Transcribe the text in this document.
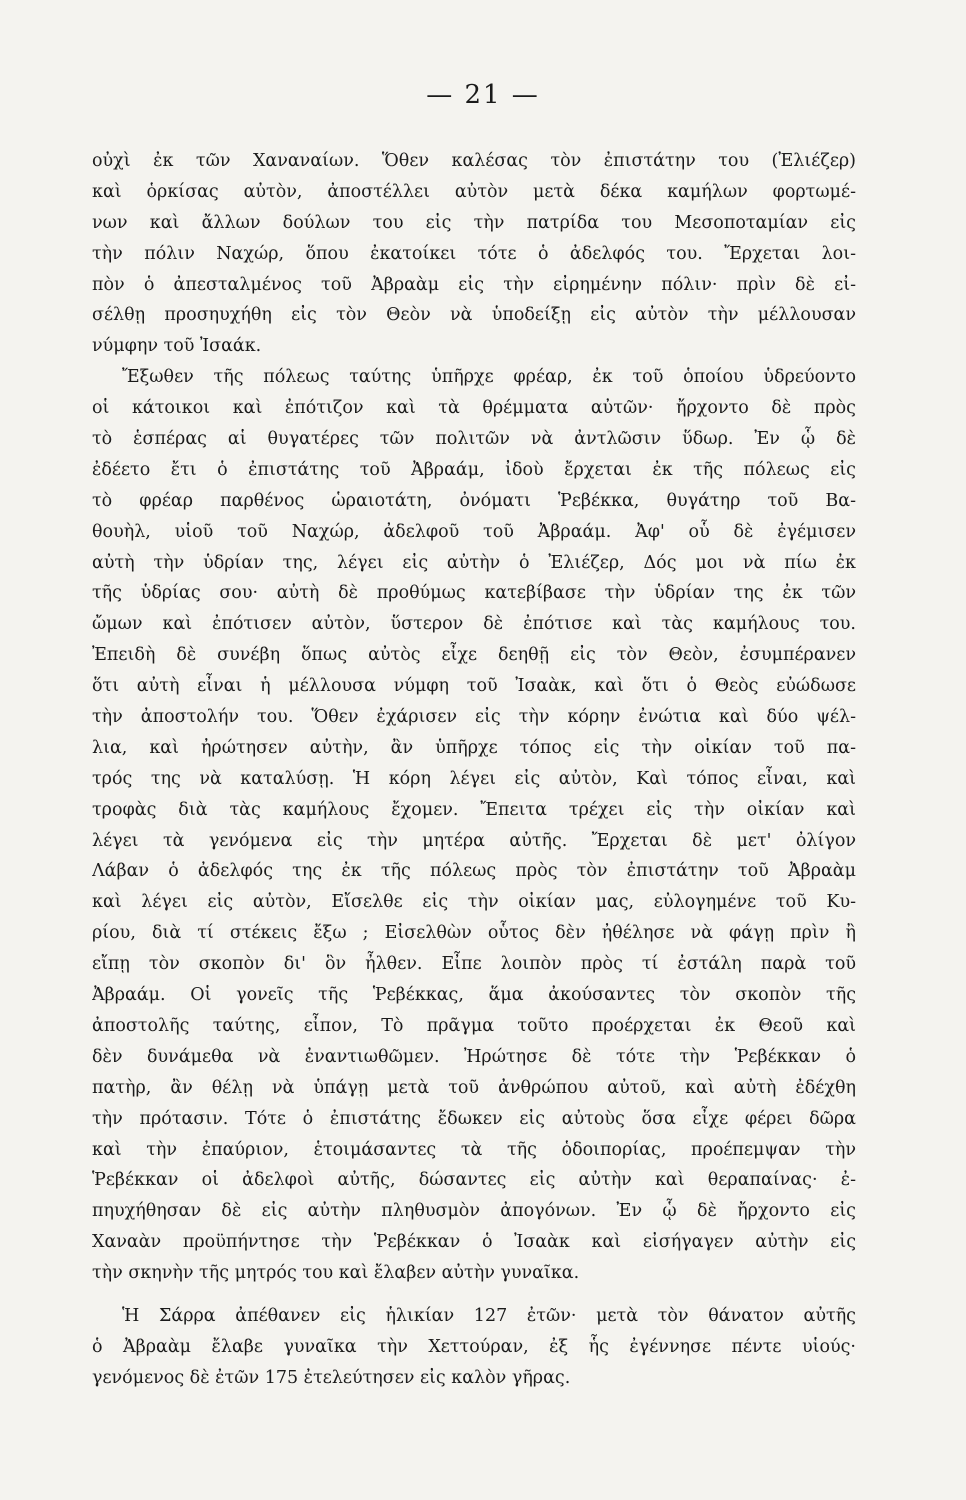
— 21 —
οὐχὶ ἐκ τῶν Χαναναίων. Ὅθεν καλέσας τὸν ἐπιστάτην του (Ἐλιέζερ)
καὶ ὁρκίσας αὐτὸν, ἀποστέλλει αὐτὸν μετὰ δέκα καμήλων φορτωμέ-
νων καὶ ἄλλων δούλων του εἰς τὴν πατρίδα του Μεσοποταμίαν εἰς
τὴν πόλιν Ναχώρ, ὅπου ἐκατοίκει τότε ὁ ἀδελφός του. Ἔρχεται λοι-
πὸν ὁ ἀπεσταλμένος τοῦ Ἀβραὰμ εἰς τὴν εἰρημένην πόλιν· πρὶν δὲ εἰ-
σέλθῃ προσηυχήθη εἰς τὸν Θεὸν νὰ ὑποδείξῃ εἰς αὐτὸν τὴν μέλλουσαν
νύμφην τοῦ Ἰσαάκ.
Ἔξωθεν τῆς πόλεως ταύτης ὑπῆρχε φρέαρ, ἐκ τοῦ ὁποίου ὑδρεύοντο
οἱ κάτοικοι καὶ ἐπότιζον καὶ τὰ θρέμματα αὐτῶν· ἤρχοντο δὲ πρὸς
τὸ ἑσπέρας αἱ θυγατέρες τῶν πολιτῶν νὰ ἀντλῶσιν ὕδωρ. Ἐν ᾧ δὲ
ἐδέετο ἔτι ὁ ἐπιστάτης τοῦ Ἀβραάμ, ἰδοὺ ἔρχεται ἐκ τῆς πόλεως εἰς
τὸ φρέαρ παρθένος ὡραιοτάτη, ὀνόματι Ῥεβέκκα, θυγάτηρ τοῦ Βα-
θουὴλ, υἱοῦ τοῦ Ναχώρ, ἀδελφοῦ τοῦ Ἀβραάμ. Ἀφ' οὗ δὲ ἐγέμισεν
αὐτὴ τὴν ὑδρίαν της, λέγει εἰς αὐτὴν ὁ Ἐλιέζερ, Δός μοι νὰ πίω ἐκ
τῆς ὑδρίας σου· αὐτὴ δὲ προθύμως κατεβίβασε τὴν ὑδρίαν της ἐκ τῶν
ὤμων καὶ ἐπότισεν αὐτὸν, ὕστερον δὲ ἐπότισε καὶ τὰς καμήλους του.
Ἐπειδὴ δὲ συνέβη ὅπως αὐτὸς εἶχε δεηθῇ εἰς τὸν Θεὸν, ἐσυμπέρανεν
ὅτι αὐτὴ εἶναι ἡ μέλλουσα νύμφη τοῦ Ἰσαὰκ, καὶ ὅτι ὁ Θεὸς εὐώδωσε
τὴν ἀποστολήν του. Ὅθεν ἐχάρισεν εἰς τὴν κόρην ἐνώτια καὶ δύο ψέλ-
λια, καὶ ἠρώτησεν αὐτὴν, ἂν ὑπῆρχε τόπος εἰς τὴν οἰκίαν τοῦ πα-
τρός της νὰ καταλύσῃ. Ἡ κόρη λέγει εἰς αὐτὸν, Καὶ τόπος εἶναι, καὶ
τροφὰς διὰ τὰς καμήλους ἔχομεν. Ἔπειτα τρέχει εἰς τὴν οἰκίαν καὶ
λέγει τὰ γενόμενα εἰς τὴν μητέρα αὐτῆς. Ἔρχεται δὲ μετ' ὀλίγον
Λάβαν ὁ ἀδελφός της ἐκ τῆς πόλεως πρὸς τὸν ἐπιστάτην τοῦ Ἀβραὰμ
καὶ λέγει εἰς αὐτὸν, Εἴσελθε εἰς τὴν οἰκίαν μας, εὐλογημένε τοῦ Κυ-
ρίου, διὰ τί στέκεις ἔξω ; Εἰσελθὼν οὗτος δὲν ἠθέλησε νὰ φάγῃ πρὶν ἢ
εἴπῃ τὸν σκοπὸν δι' ὃν ἦλθεν. Εἶπε λοιπὸν πρὸς τί ἐστάλη παρὰ τοῦ
Ἀβραάμ. Οἱ γονεῖς τῆς Ῥεβέκκας, ἅμα ἀκούσαντες τὸν σκοπὸν τῆς
ἀποστολῆς ταύτης, εἶπον, Τὸ πρᾶγμα τοῦτο προέρχεται ἐκ Θεοῦ καὶ
δὲν δυνάμεθα νὰ ἐναντιωθῶμεν. Ἠρώτησε δὲ τότε τὴν Ῥεβέκκαν ὁ
πατὴρ, ἂν θέλῃ νὰ ὑπάγῃ μετὰ τοῦ ἀνθρώπου αὐτοῦ, καὶ αὐτὴ ἐδέχθη
τὴν πρότασιν. Τότε ὁ ἐπιστάτης ἔδωκεν εἰς αὐτοὺς ὅσα εἶχε φέρει δῶρα
καὶ τὴν ἐπαύριον, ἑτοιμάσαντες τὰ τῆς ὁδοιπορίας, προέπεμψαν τὴν
Ῥεβέκκαν οἱ ἀδελφοὶ αὐτῆς, δώσαντες εἰς αὐτὴν καὶ θεραπαίνας· ἐ-
πηυχήθησαν δὲ εἰς αὐτὴν πληθυσμὸν ἀπογόνων. Ἐν ᾧ δὲ ἤρχοντο εἰς
Χαναὰν προϋπήντησε τὴν Ῥεβέκκαν ὁ Ἰσαὰκ καὶ εἰσήγαγεν αὐτὴν εἰς
τὴν σκηνὴν τῆς μητρός του καὶ ἔλαβεν αὐτὴν γυναῖκα.
Ἡ Σάρρα ἀπέθανεν εἰς ἡλικίαν 127 ἐτῶν· μετὰ τὸν θάνατον αὐτῆς
ὁ Ἀβραὰμ ἔλαβε γυναῖκα τὴν Χεττούραν, ἐξ ἧς ἐγέννησε πέντε υἱούς·
γενόμενος δὲ ἐτῶν 175 ἐτελεύτησεν εἰς καλὸν γῆρας.
